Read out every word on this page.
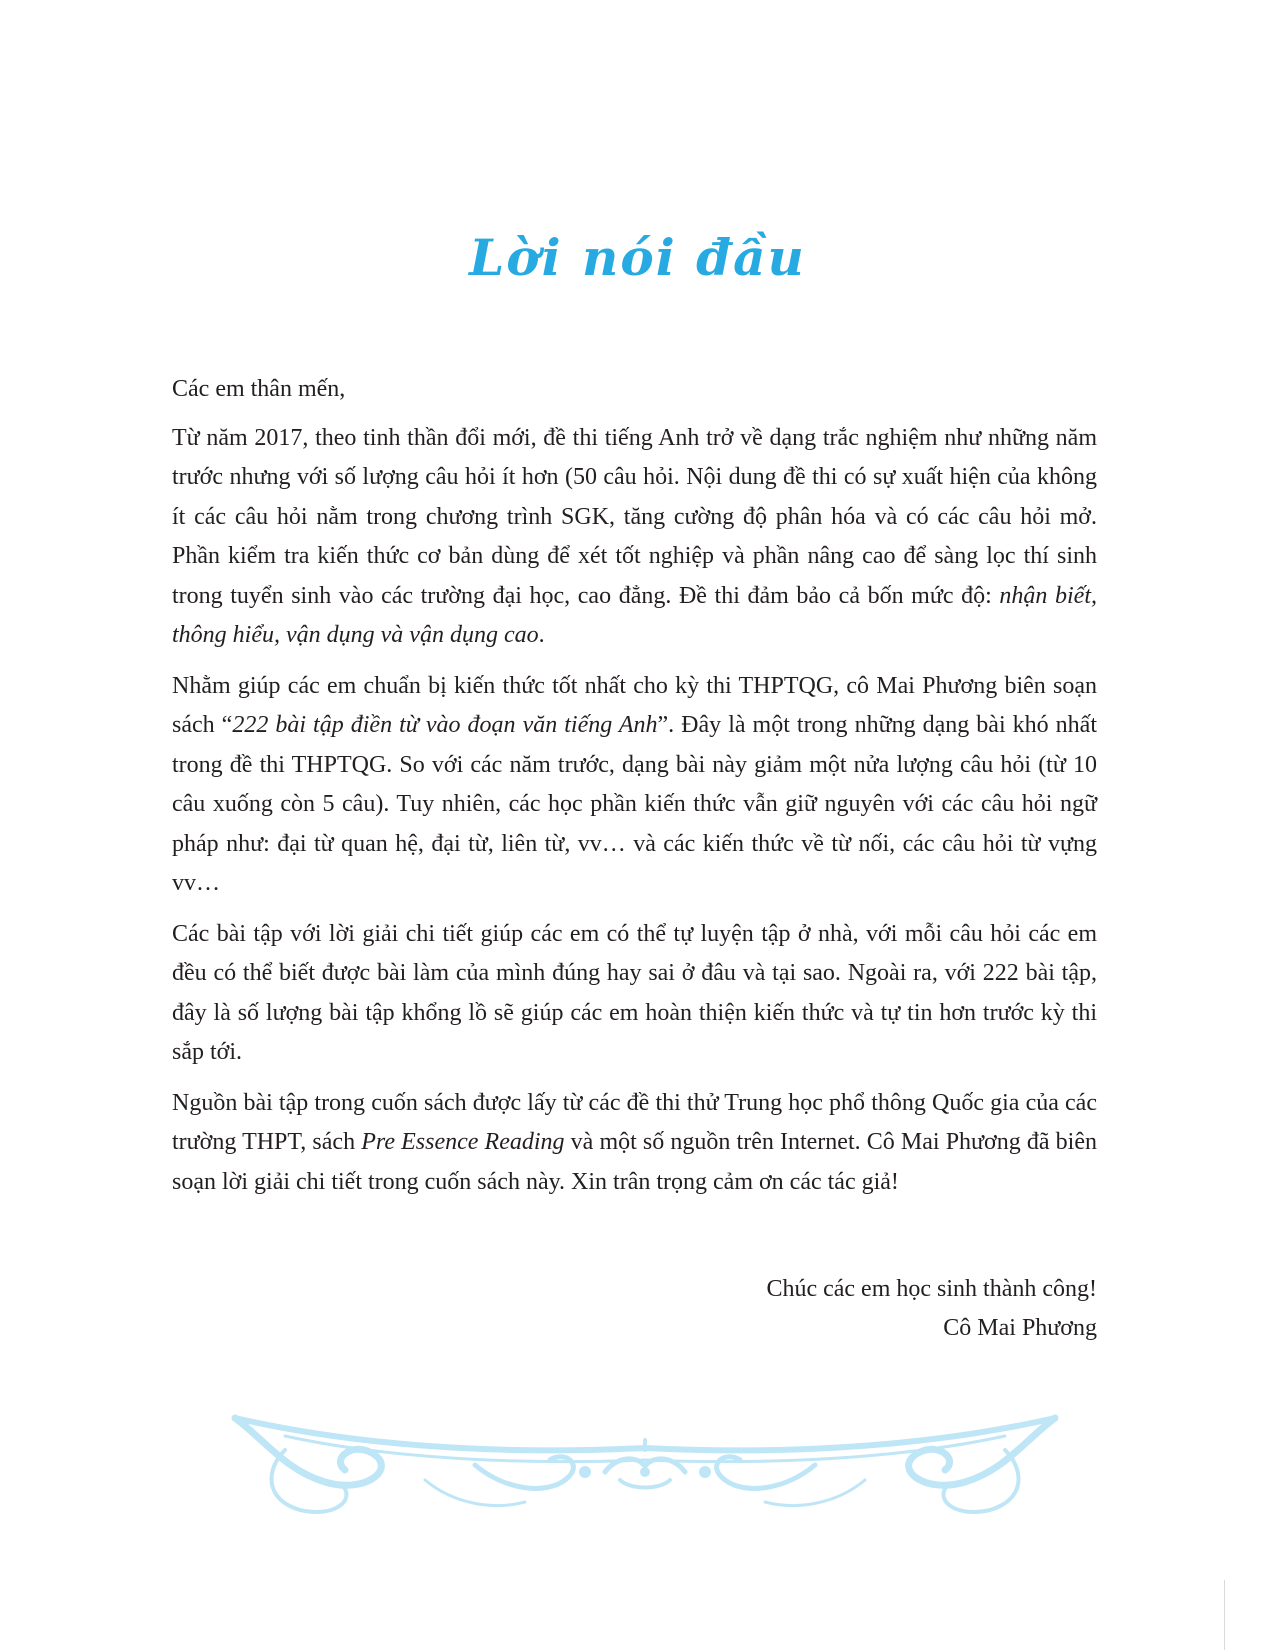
Lời nói đầu

Các em thân mến,

Từ năm 2017, theo tinh thần đổi mới, đề thi tiếng Anh trở về dạng trắc nghiệm như những năm trước nhưng với số lượng câu hỏi ít hơn (50 câu hỏi. Nội dung đề thi có sự xuất hiện của không ít các câu hỏi nằm trong chương trình SGK, tăng cường độ phân hóa và có các câu hỏi mở. Phần kiểm tra kiến thức cơ bản dùng để xét tốt nghiệp và phần nâng cao để sàng lọc thí sinh trong tuyển sinh vào các trường đại học, cao đẳng. Đề thi đảm bảo cả bốn mức độ: nhận biết, thông hiểu, vận dụng và vận dụng cao.

Nhằm giúp các em chuẩn bị kiến thức tốt nhất cho kỳ thi THPTQG, cô Mai Phương biên soạn sách “222 bài tập điền từ vào đoạn văn tiếng Anh”. Đây là một trong những dạng bài khó nhất trong đề thi THPTQG. So với các năm trước, dạng bài này giảm một nửa lượng câu hỏi (từ 10 câu xuống còn 5 câu). Tuy nhiên, các học phần kiến thức vẫn giữ nguyên với các câu hỏi ngữ pháp như: đại từ quan hệ, đại từ, liên từ, vv… và các kiến thức về từ nối, các câu hỏi từ vựng vv…

Các bài tập với lời giải chi tiết giúp các em có thể tự luyện tập ở nhà, với mỗi câu hỏi các em đều có thể biết được bài làm của mình đúng hay sai ở đâu và tại sao. Ngoài ra, với 222 bài tập, đây là số lượng bài tập khổng lồ sẽ giúp các em hoàn thiện kiến thức và tự tin hơn trước kỳ thi sắp tới.

Nguồn bài tập trong cuốn sách được lấy từ các đề thi thử Trung học phổ thông Quốc gia của các trường THPT, sách Pre Essence Reading và một số nguồn trên Internet. Cô Mai Phương đã biên soạn lời giải chi tiết trong cuốn sách này. Xin trân trọng cảm ơn các tác giả!

Chúc các em học sinh thành công!
Cô Mai Phương
